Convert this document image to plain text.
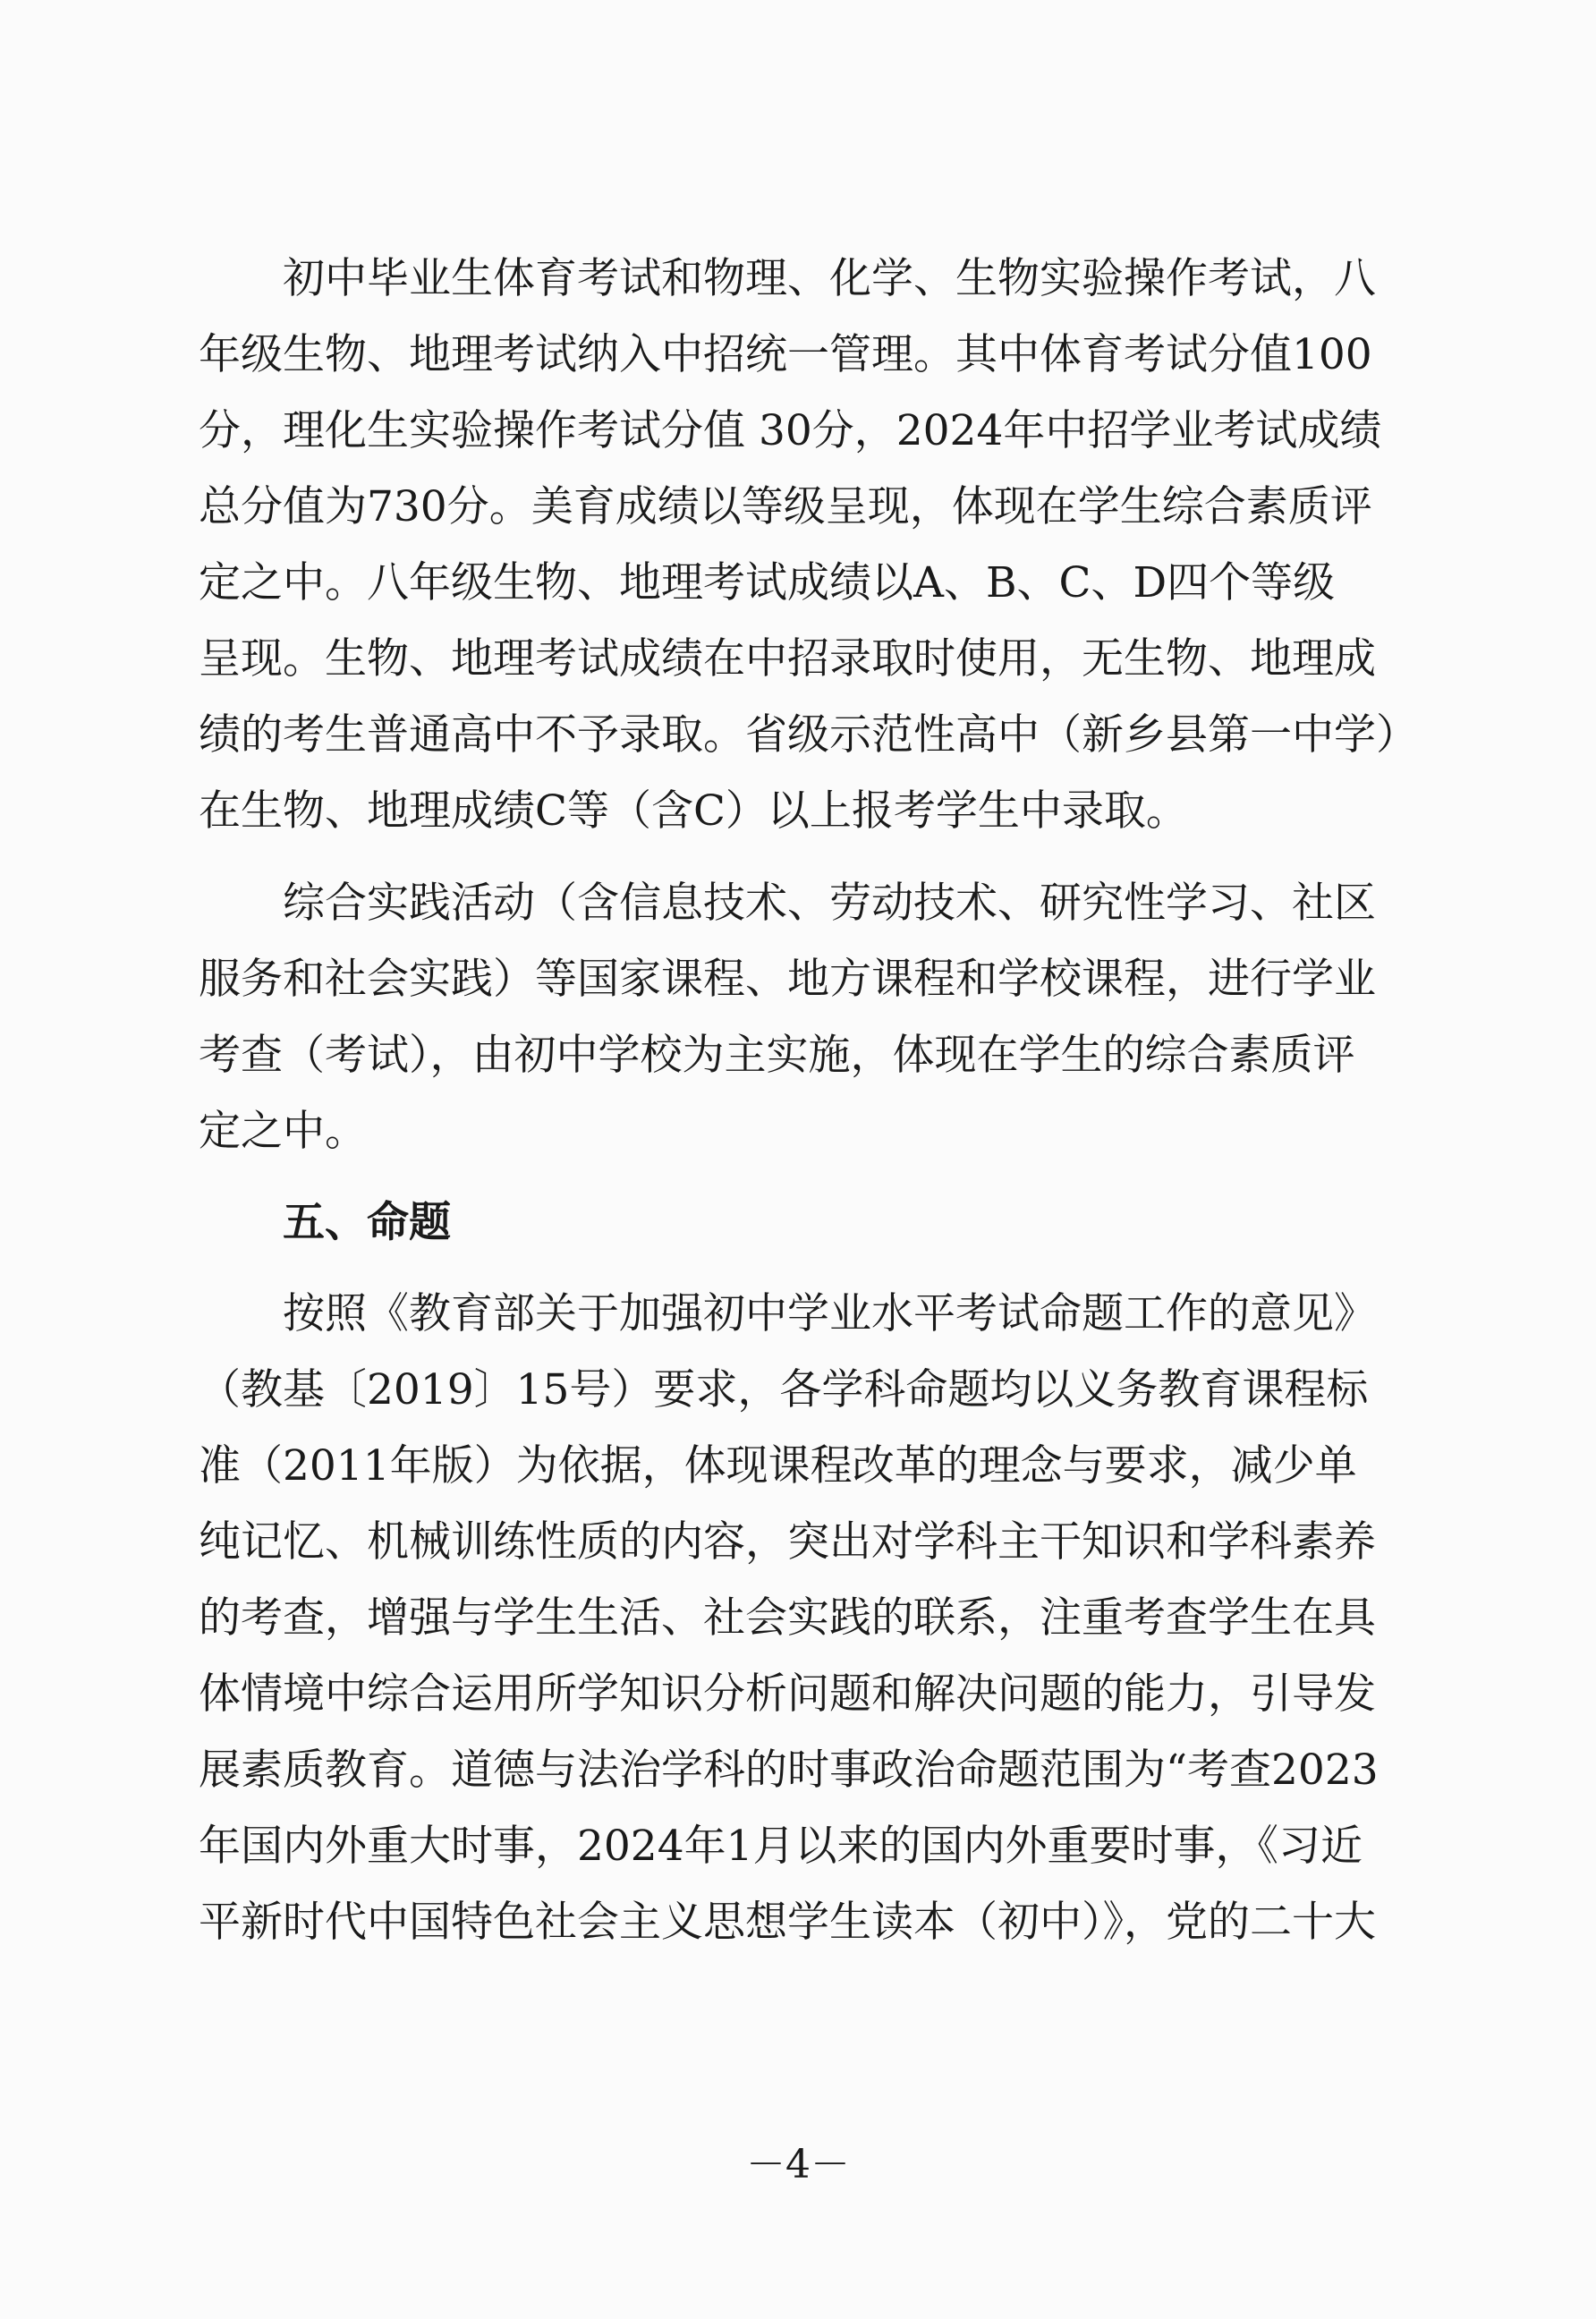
　　初中毕业生体育考试和物理、化学、生物实验操作考试，八
年级生物、地理考试纳入中招统一管理。其中体育考试分值100
分，理化生实验操作考试分值 30分，2024年中招学业考试成绩
总分值为730分。美育成绩以等级呈现，体现在学生综合素质评
定之中。八年级生物、地理考试成绩以A、B、C、D四个等级
呈现。生物、地理考试成绩在中招录取时使用，无生物、地理成
绩的考生普通高中不予录取。省级示范性高中（新乡县第一中学）
在生物、地理成绩C等（含C）以上报考学生中录取。
　　综合实践活动（含信息技术、劳动技术、研究性学习、社区
服务和社会实践）等国家课程、地方课程和学校课程，进行学业
考查（考试），由初中学校为主实施，体现在学生的综合素质评
定之中。
　　五、命题
　　按照《教育部关于加强初中学业水平考试命题工作的意见》
（教基〔2019〕15号）要求，各学科命题均以义务教育课程标
准（2011年版）为依据，体现课程改革的理念与要求，减少单
纯记忆、机械训练性质的内容，突出对学科主干知识和学科素养
的考查，增强与学生生活、社会实践的联系，注重考查学生在具
体情境中综合运用所学知识分析问题和解决问题的能力，引导发
展素质教育。道德与法治学科的时事政治命题范围为“考查2023
年国内外重大时事，2024年1月以来的国内外重要时事，《习近
平新时代中国特色社会主义思想学生读本（初中）》，党的二十大
－4－
